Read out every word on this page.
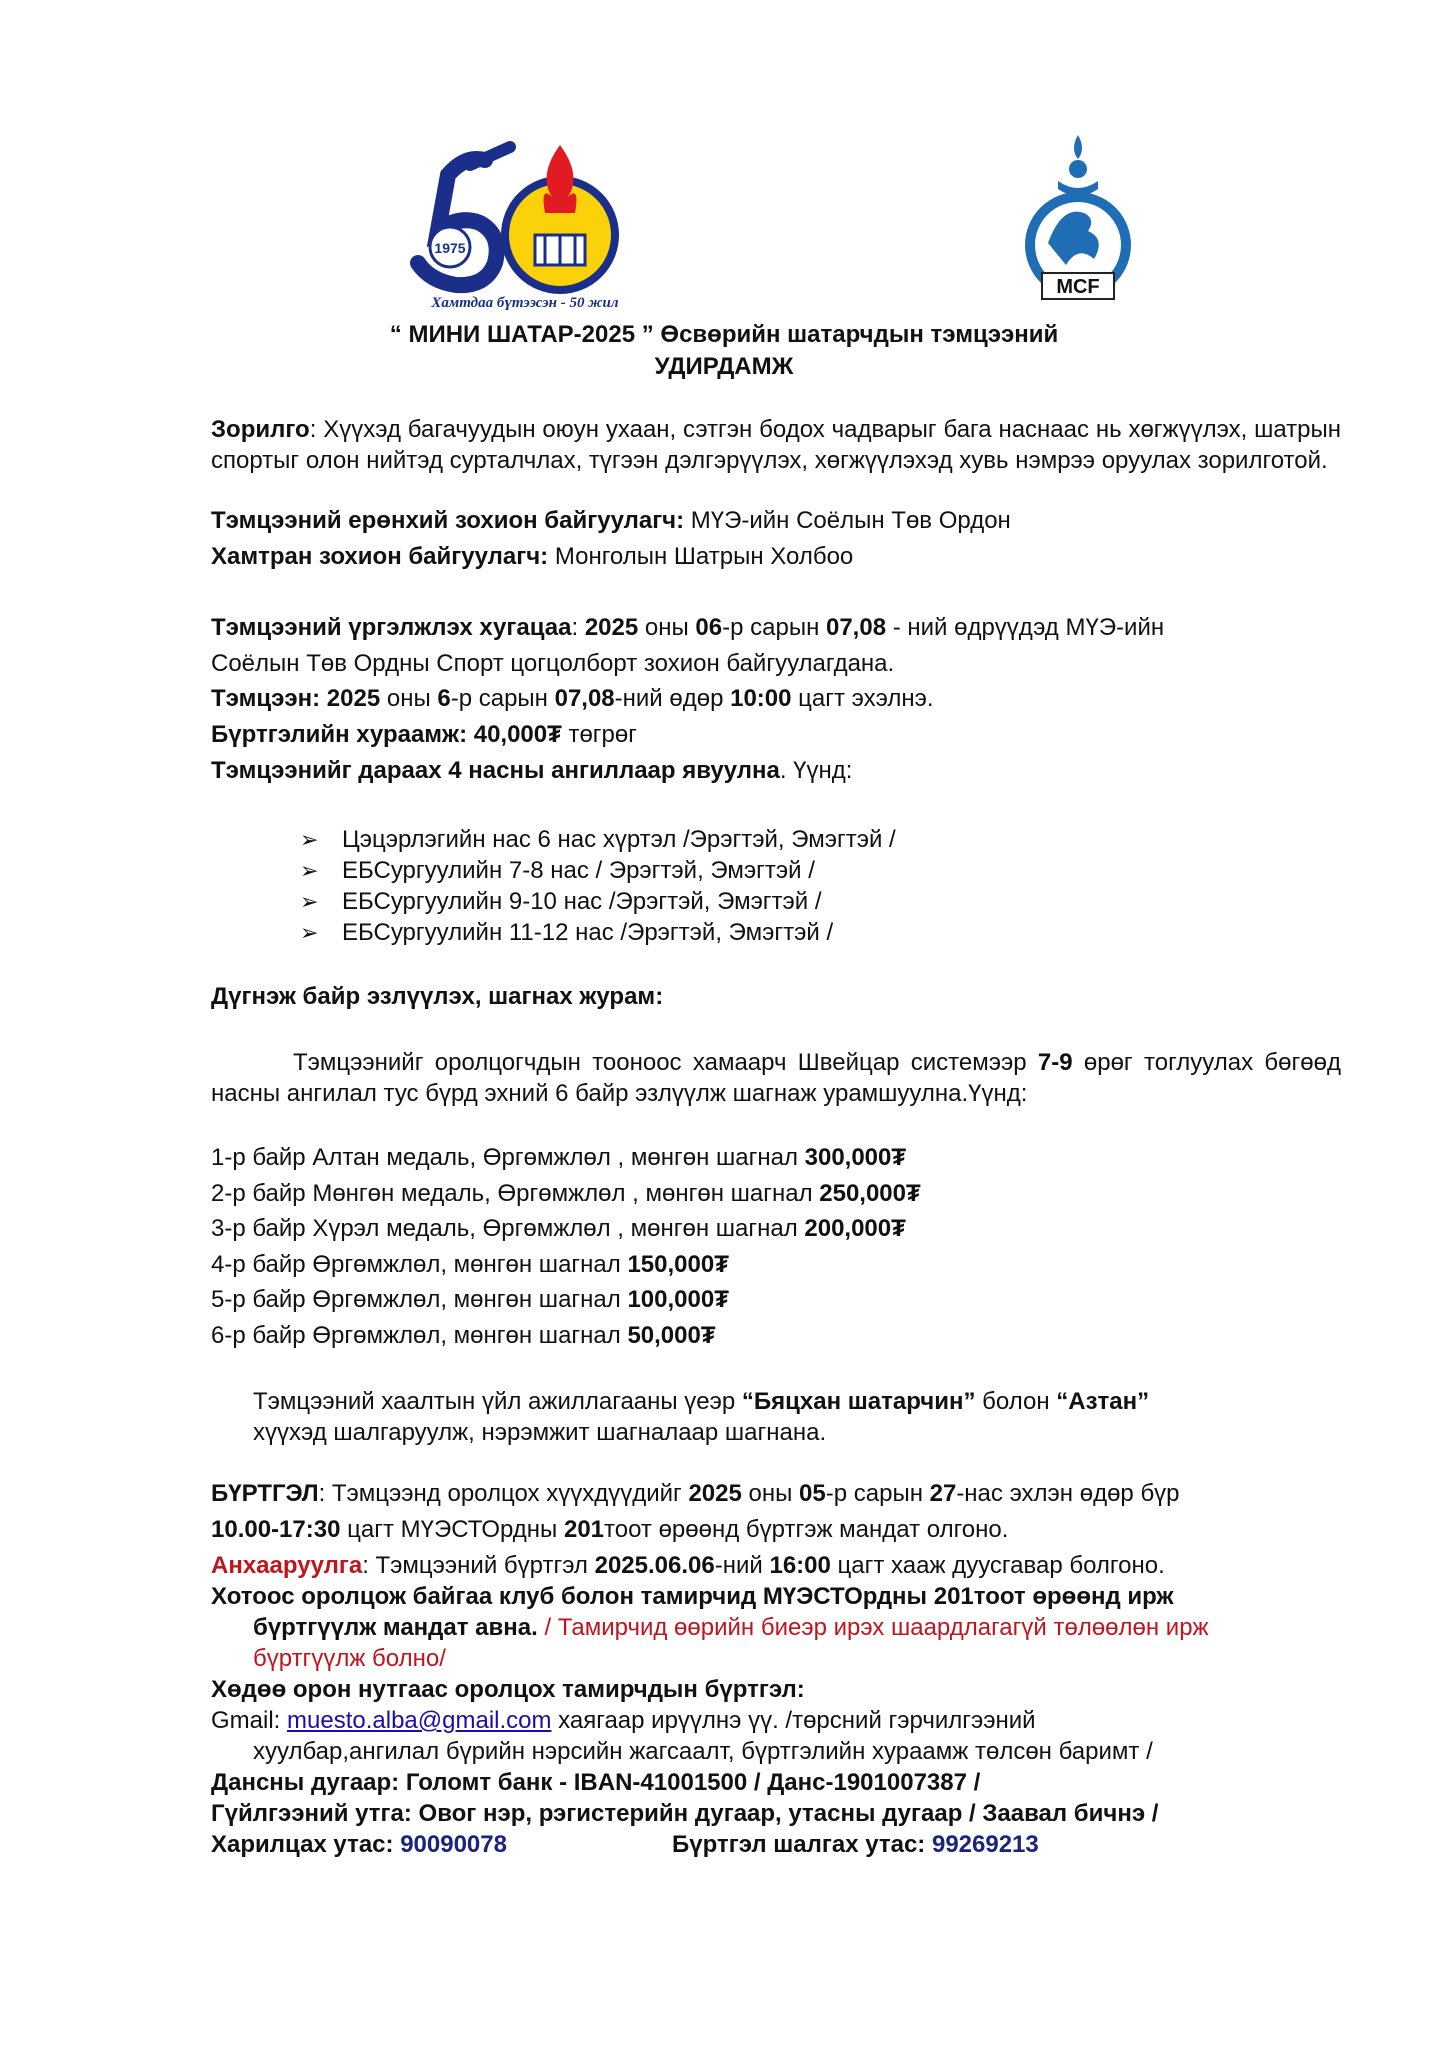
1975
Хамтдаа бүтээсэн - 50 жил
MCF
“ МИНИ ШАТАР-2025 ” Өсвөрийн шатарчдын тэмцээний
УДИРДАМЖ
Зорилго: Хүүхэд багачуудын оюун ухаан, сэтгэн бодох чадварыг бага наснаас нь хөгжүүлэх, шатрын спортыг олон нийтэд сурталчлах, түгээн дэлгэрүүлэх, хөгжүүлэхэд хувь нэмрээ оруулах зорилготой.
Тэмцээний ерөнхий зохион байгуулагч: МҮЭ-ийн Соёлын Төв Ордон
Хамтран зохион байгуулагч: Монголын Шатрын Холбоо
Тэмцээний үргэлжлэх хугацаа: 2025 оны 06-р сарын 07,08 - ний өдрүүдэд МҮЭ-ийн
Соёлын Төв Ордны Спорт цогцолборт зохион байгуулагдана.
Тэмцээн: 2025 оны 6-р сарын 07,08-ний өдөр 10:00 цагт эхэлнэ.
Бүртгэлийн хураамж: 40,000₮ төгрөг
Тэмцээнийг дараах 4 насны ангиллаар явуулна. Үүнд:
➢ Цэцэрлэгийн нас 6 нас хүртэл /Эрэгтэй, Эмэгтэй /
➢ ЕБСургуулийн 7-8 нас / Эрэгтэй, Эмэгтэй /
➢ ЕБСургуулийн 9-10 нас /Эрэгтэй, Эмэгтэй /
➢ ЕБСургуулийн 11-12 нас /Эрэгтэй, Эмэгтэй /
Дүгнэж байр эзлүүлэх, шагнах журам:
Тэмцээнийг оролцогчдын тооноос хамаарч Швейцар системээр 7-9 өрөг тоглуулах бөгөөд насны ангилал тус бүрд эхний 6 байр эзлүүлж шагнаж урамшуулна.Үүнд:
1-р байр Алтан медаль, Өргөмжлөл , мөнгөн шагнал 300,000₮
2-р байр Мөнгөн медаль, Өргөмжлөл , мөнгөн шагнал 250,000₮
3-р байр Хүрэл медаль, Өргөмжлөл , мөнгөн шагнал 200,000₮
4-р байр Өргөмжлөл, мөнгөн шагнал 150,000₮
5-р байр Өргөмжлөл, мөнгөн шагнал 100,000₮
6-р байр Өргөмжлөл, мөнгөн шагнал 50,000₮
Тэмцээний хаалтын үйл ажиллагааны үеэр “Бяцхан шатарчин” болон “Азтан”
хүүхэд шалгаруулж, нэрэмжит шагналаар шагнана.
БҮРТГЭЛ: Тэмцээнд оролцох хүүхдүүдийг 2025 оны 05-р сарын 27-нас эхлэн өдөр бүр
10.00-17:30 цагт МҮЭСТОрдны 201тоот өрөөнд бүртгэж мандат олгоно.
Анхааруулга: Тэмцээний бүртгэл 2025.06.06-ний 16:00 цагт хааж дуусгавар болгоно.
Хотоос оролцож байгаа клуб болон тамирчид МҮЭСТОрдны 201тоот өрөөнд ирж
бүртгүүлж мандат авна. / Тамирчид өөрийн биеэр ирэх шаардлагагүй төлөөлөн ирж
бүртгүүлж болно/
Хөдөө орон нутгаас оролцох тамирчдын бүртгэл:
Gmail: muesto.alba@gmail.com хаягаар ирүүлнэ үү. /төрсний гэрчилгээний
хуулбар,ангилал бүрийн нэрсийн жагсаалт, бүртгэлийн хураамж төлсөн баримт /
Дансны дугаар: Голомт банк - IBAN-41001500 / Данс-1901007387 /
Гүйлгээний утга: Овог нэр, рэгистерийн дугаар, утасны дугаар / Заавал бичнэ /
Харилцах утас: 90090078	Бүртгэл шалгах утас: 99269213
